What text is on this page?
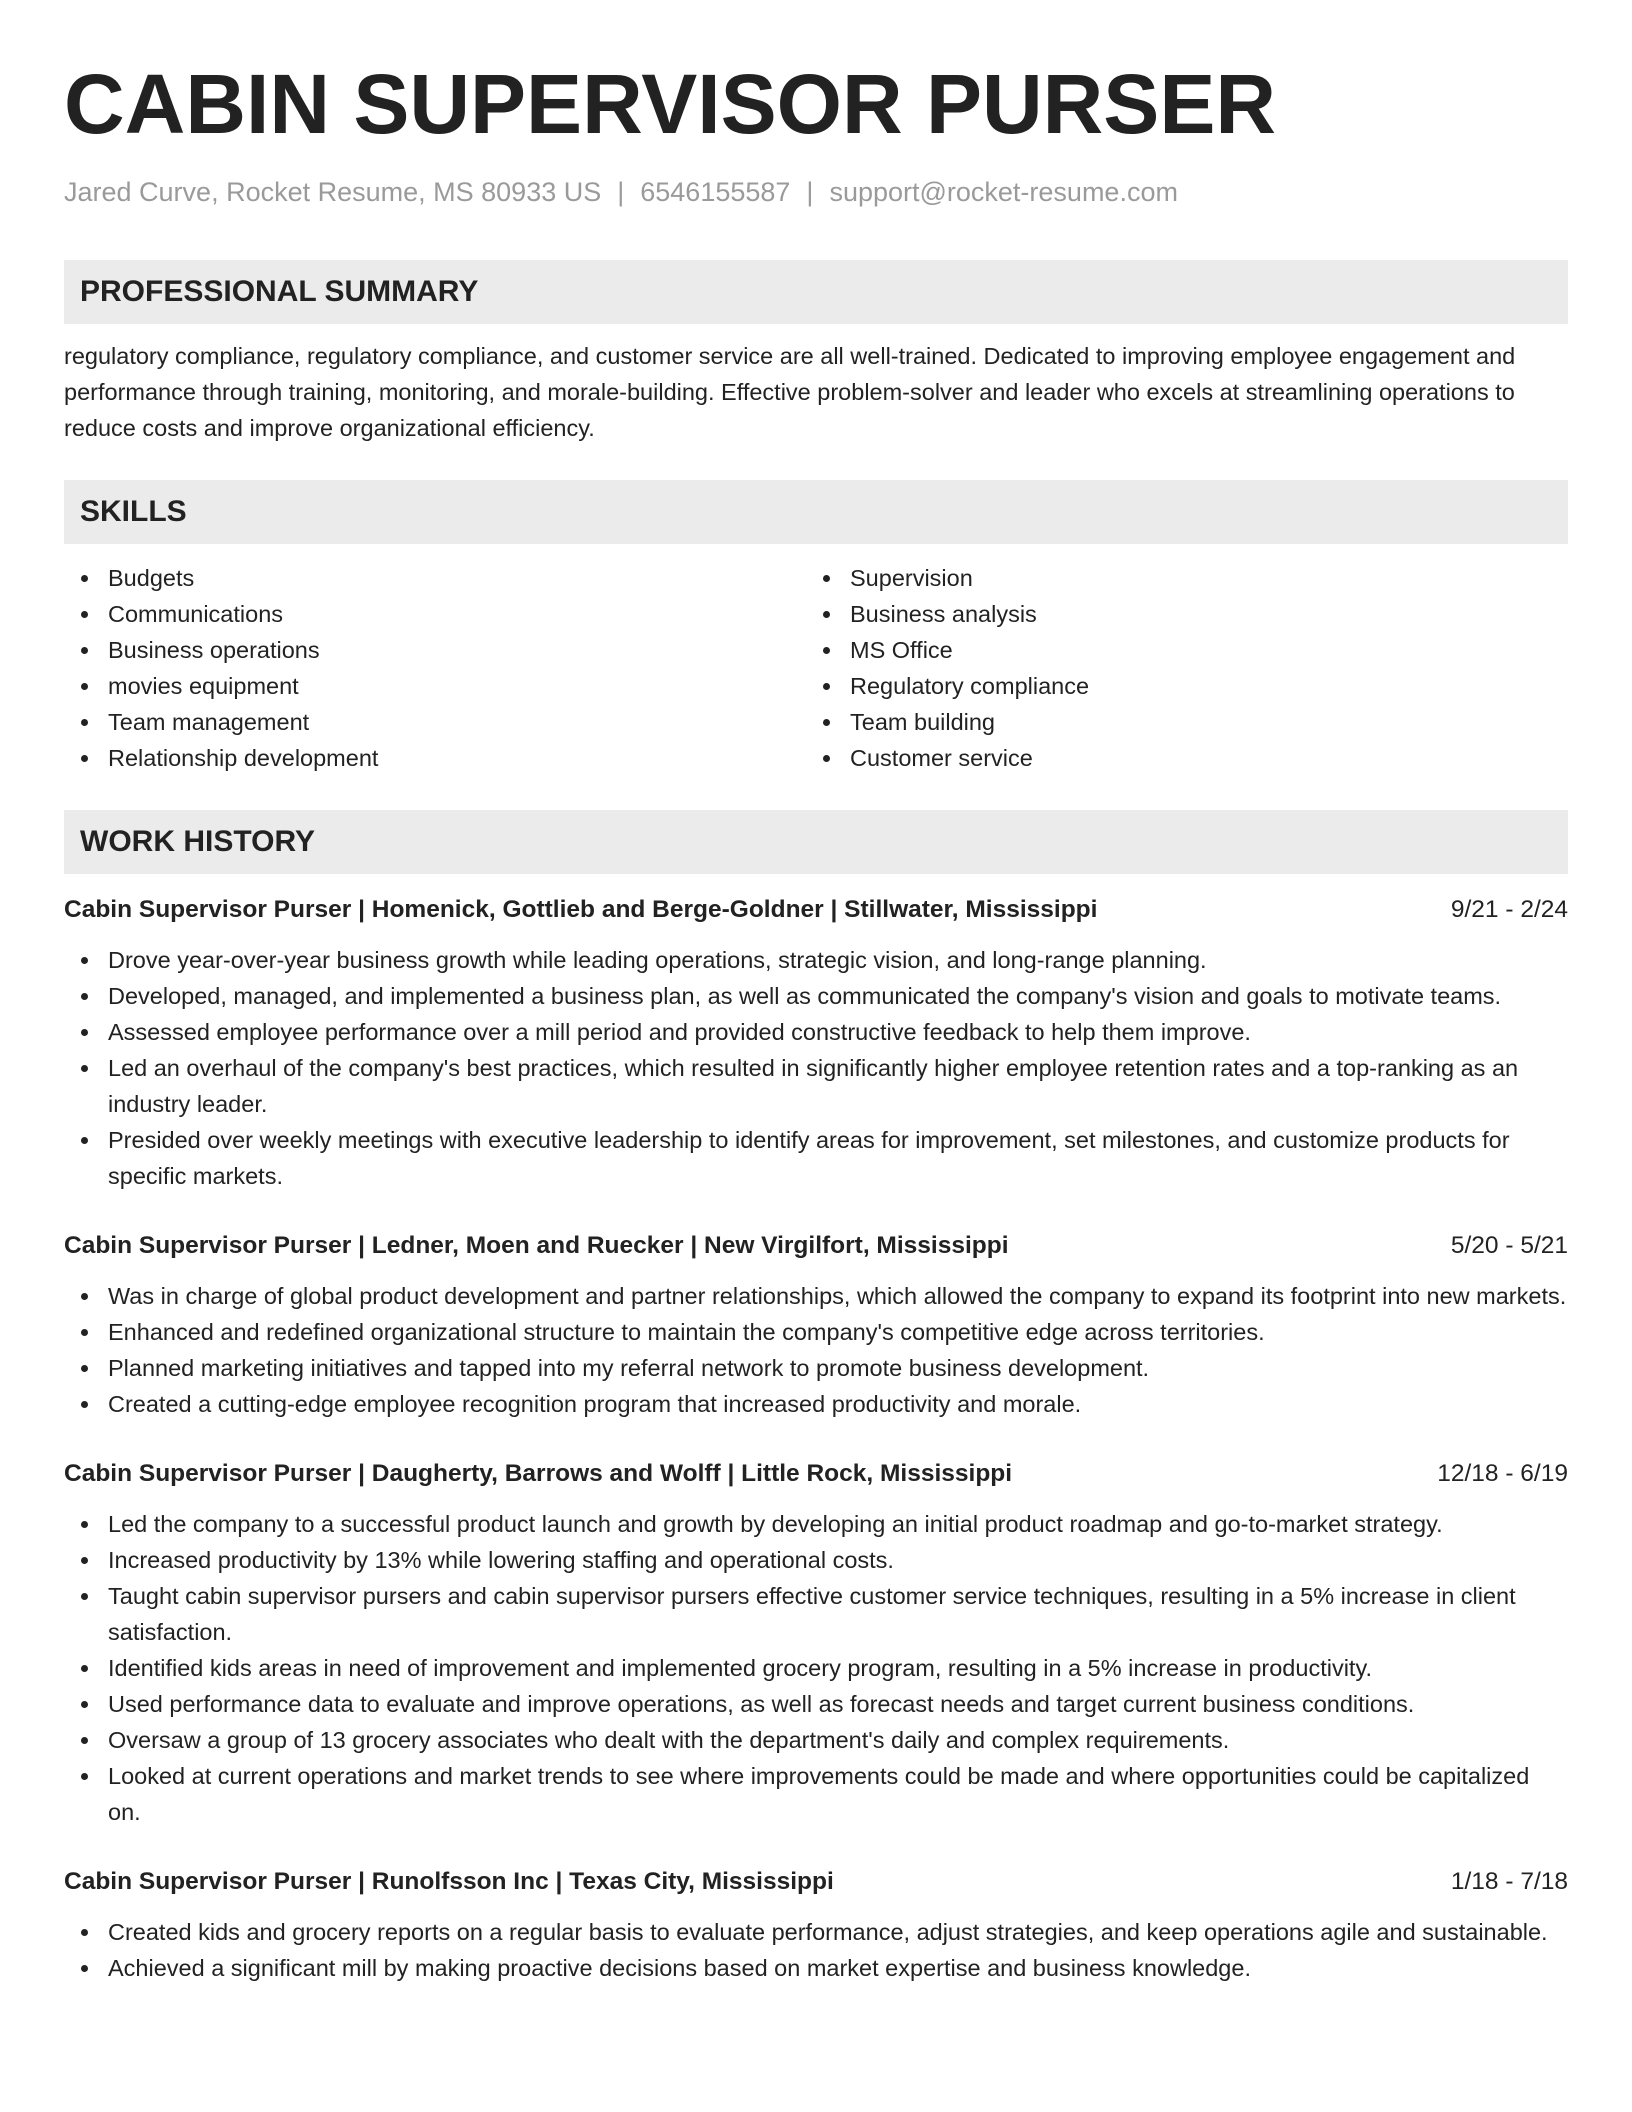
CABIN SUPERVISOR PURSER
Jared Curve, Rocket Resume, MS 80933 US | 6546155587 | support@rocket-resume.com
PROFESSIONAL SUMMARY
regulatory compliance, regulatory compliance, and customer service are all well-trained. Dedicated to improving employee engagement and performance through training, monitoring, and morale-building. Effective problem-solver and leader who excels at streamlining operations to reduce costs and improve organizational efficiency.
SKILLS
Budgets
Communications
Business operations
movies equipment
Team management
Relationship development
Supervision
Business analysis
MS Office
Regulatory compliance
Team building
Customer service
WORK HISTORY
Cabin Supervisor Purser | Homenick, Gottlieb and Berge-Goldner | Stillwater, Mississippi	9/21 - 2/24
Drove year-over-year business growth while leading operations, strategic vision, and long-range planning.
Developed, managed, and implemented a business plan, as well as communicated the company's vision and goals to motivate teams.
Assessed employee performance over a mill period and provided constructive feedback to help them improve.
Led an overhaul of the company's best practices, which resulted in significantly higher employee retention rates and a top-ranking as an industry leader.
Presided over weekly meetings with executive leadership to identify areas for improvement, set milestones, and customize products for specific markets.
Cabin Supervisor Purser | Ledner, Moen and Ruecker | New Virgilfort, Mississippi	5/20 - 5/21
Was in charge of global product development and partner relationships, which allowed the company to expand its footprint into new markets.
Enhanced and redefined organizational structure to maintain the company's competitive edge across territories.
Planned marketing initiatives and tapped into my referral network to promote business development.
Created a cutting-edge employee recognition program that increased productivity and morale.
Cabin Supervisor Purser | Daugherty, Barrows and Wolff | Little Rock, Mississippi	12/18 - 6/19
Led the company to a successful product launch and growth by developing an initial product roadmap and go-to-market strategy.
Increased productivity by 13% while lowering staffing and operational costs.
Taught cabin supervisor pursers and cabin supervisor pursers effective customer service techniques, resulting in a 5% increase in client satisfaction.
Identified kids areas in need of improvement and implemented grocery program, resulting in a 5% increase in productivity.
Used performance data to evaluate and improve operations, as well as forecast needs and target current business conditions.
Oversaw a group of 13 grocery associates who dealt with the department's daily and complex requirements.
Looked at current operations and market trends to see where improvements could be made and where opportunities could be capitalized on.
Cabin Supervisor Purser | Runolfsson Inc | Texas City, Mississippi	1/18 - 7/18
Created kids and grocery reports on a regular basis to evaluate performance, adjust strategies, and keep operations agile and sustainable.
Achieved a significant mill by making proactive decisions based on market expertise and business knowledge.
